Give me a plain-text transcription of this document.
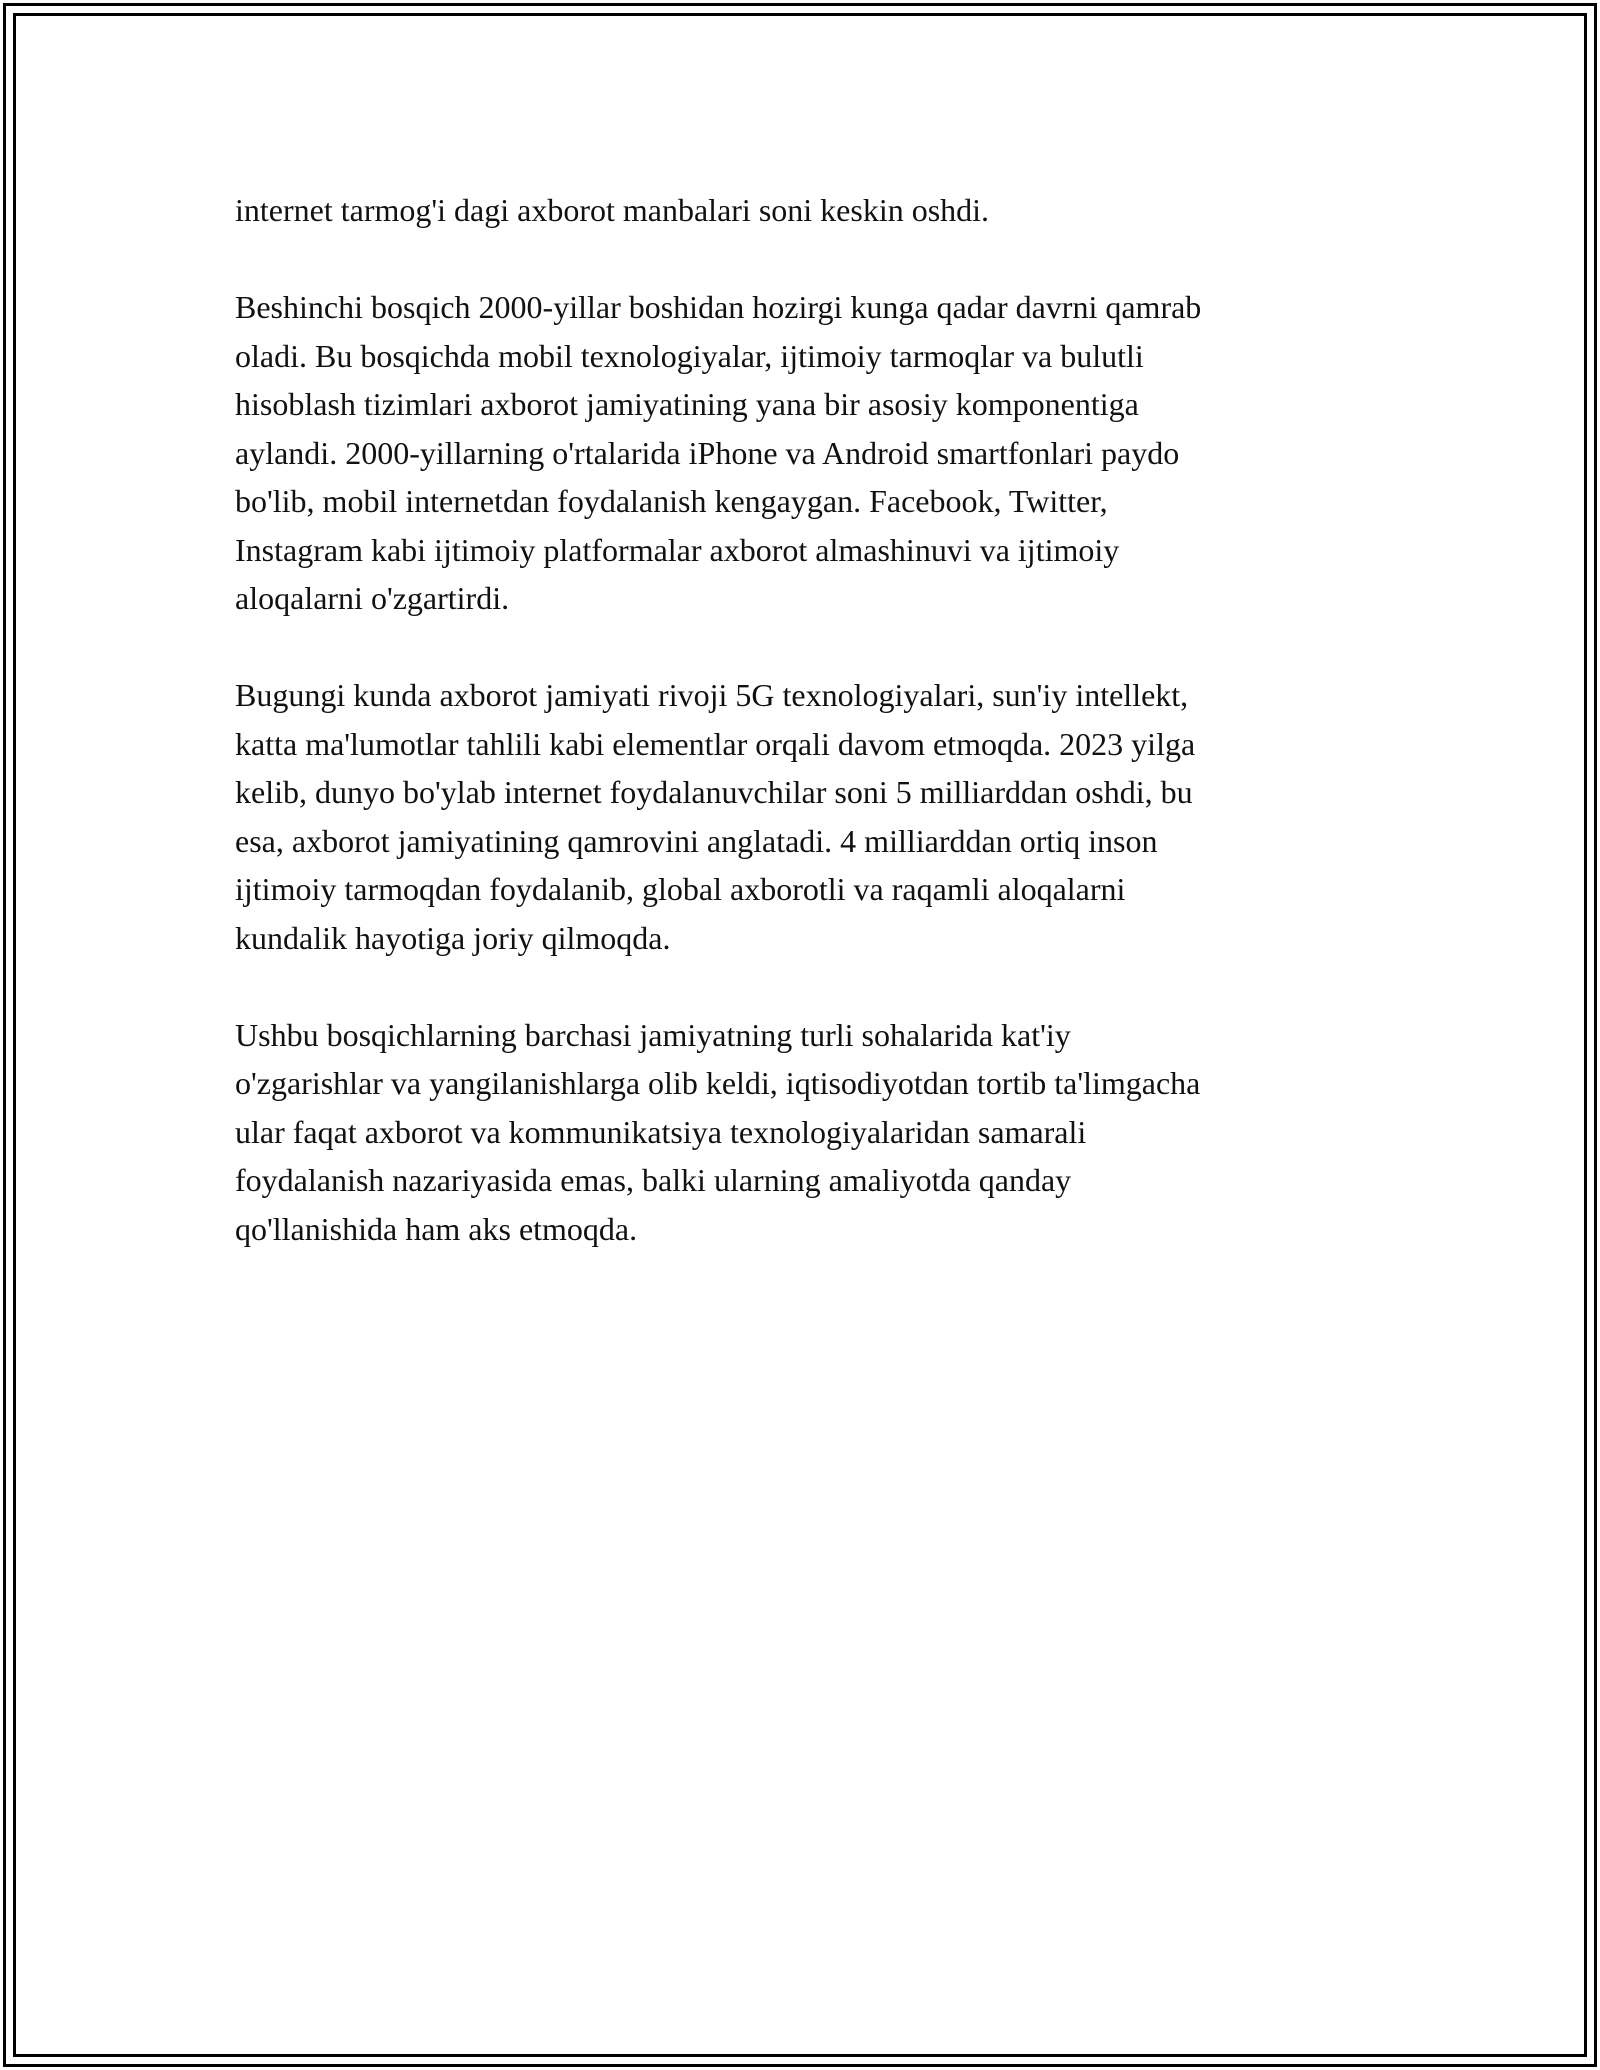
internet tarmog'i dagi axborot manbalari soni keskin oshdi.

Beshinchi bosqich 2000-yillar boshidan hozirgi kunga qadar davrni qamrab
oladi. Bu bosqichda mobil texnologiyalar, ijtimoiy tarmoqlar va bulutli
hisoblash tizimlari axborot jamiyatining yana bir asosiy komponentiga
aylandi. 2000-yillarning o'rtalarida iPhone va Android smartfonlari paydo
bo'lib, mobil internetdan foydalanish kengaygan. Facebook, Twitter,
Instagram kabi ijtimoiy platformalar axborot almashinuvi va ijtimoiy
aloqalarni o'zgartirdi.

Bugungi kunda axborot jamiyati rivoji 5G texnologiyalari, sun'iy intellekt,
katta ma'lumotlar tahlili kabi elementlar orqali davom etmoqda. 2023 yilga
kelib, dunyo bo'ylab internet foydalanuvchilar soni 5 milliarddan oshdi, bu
esa, axborot jamiyatining qamrovini anglatadi. 4 milliarddan ortiq inson
ijtimoiy tarmoqdan foydalanib, global axborotli va raqamli aloqalarni
kundalik hayotiga joriy qilmoqda.

Ushbu bosqichlarning barchasi jamiyatning turli sohalarida kat'iy
o'zgarishlar va yangilanishlarga olib keldi, iqtisodiyotdan tortib ta'limgacha
ular faqat axborot va kommunikatsiya texnologiyalaridan samarali
foydalanish nazariyasida emas, balki ularning amaliyotda qanday
qo'llanishida ham aks etmoqda.
